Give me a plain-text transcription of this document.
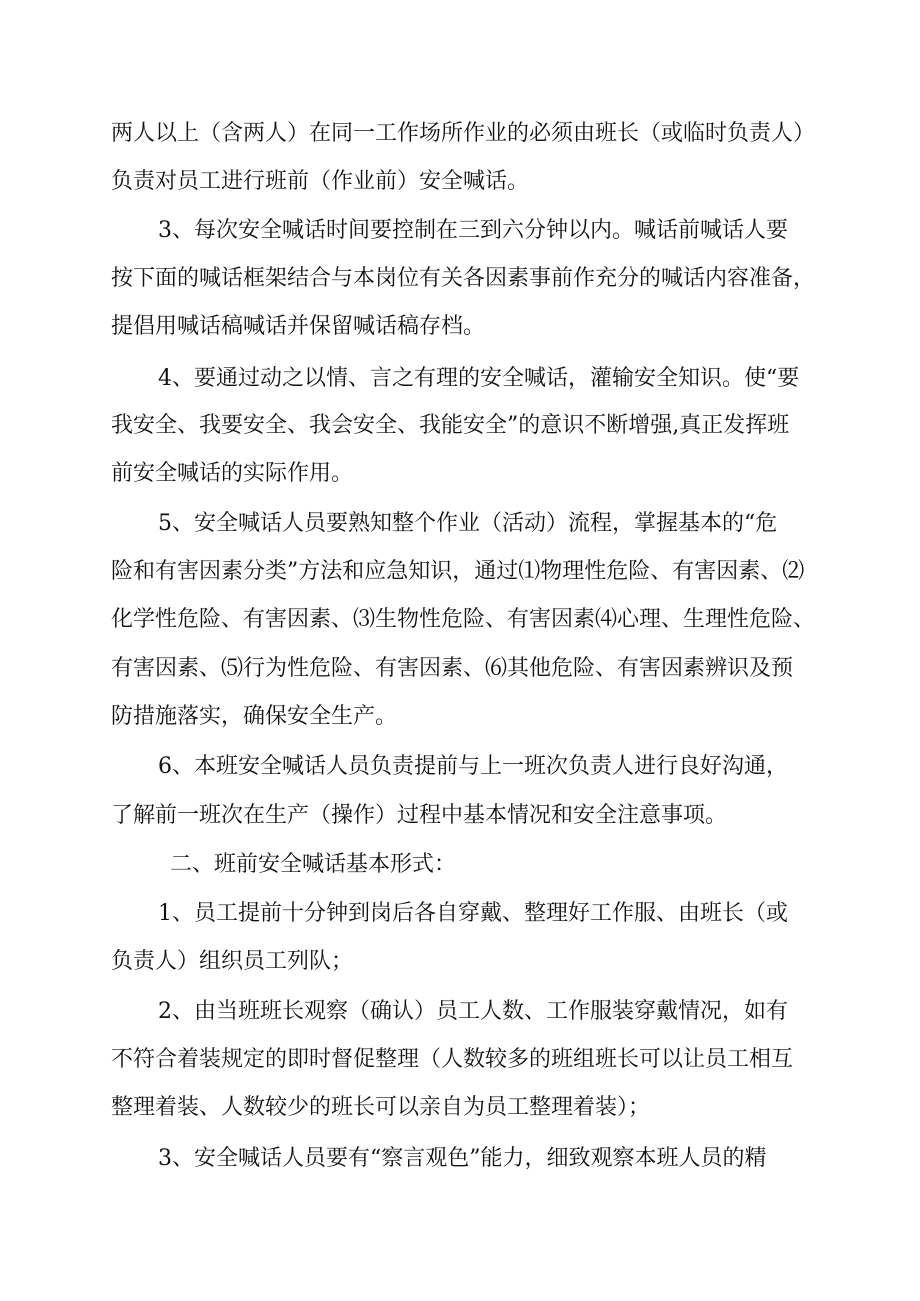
两人以上（含两人）在同一工作场所作业的必须由班长（或临时负责人）
负责对员工进行班前（作业前）安全喊话。
3、每次安全喊话时间要控制在三到六分钟以内。喊话前喊话人要
按下面的喊话框架结合与本岗位有关各因素事前作充分的喊话内容准备，
提倡用喊话稿喊话并保留喊话稿存档。
4、要通过动之以情、言之有理的安全喊话，灌输安全知识。使“要
我安全、我要安全、我会安全、我能安全”的意识不断增强,真正发挥班
前安全喊话的实际作用。
5、安全喊话人员要熟知整个作业（活动）流程，掌握基本的“危
险和有害因素分类”方法和应急知识，通过⑴物理性危险、有害因素、⑵
化学性危险、有害因素、⑶生物性危险、有害因素⑷心理、生理性危险、
有害因素、⑸行为性危险、有害因素、⑹其他危险、有害因素辨识及预
防措施落实，确保安全生产。
6、本班安全喊话人员负责提前与上一班次负责人进行良好沟通，
了解前一班次在生产（操作）过程中基本情况和安全注意事项。
二、班前安全喊话基本形式：
1、员工提前十分钟到岗后各自穿戴、整理好工作服、由班长（或
负责人）组织员工列队；
2、由当班班长观察（确认）员工人数、工作服装穿戴情况，如有
不符合着装规定的即时督促整理（人数较多的班组班长可以让员工相互
整理着装、人数较少的班长可以亲自为员工整理着装）；
3、安全喊话人员要有“察言观色”能力，细致观察本班人员的精
